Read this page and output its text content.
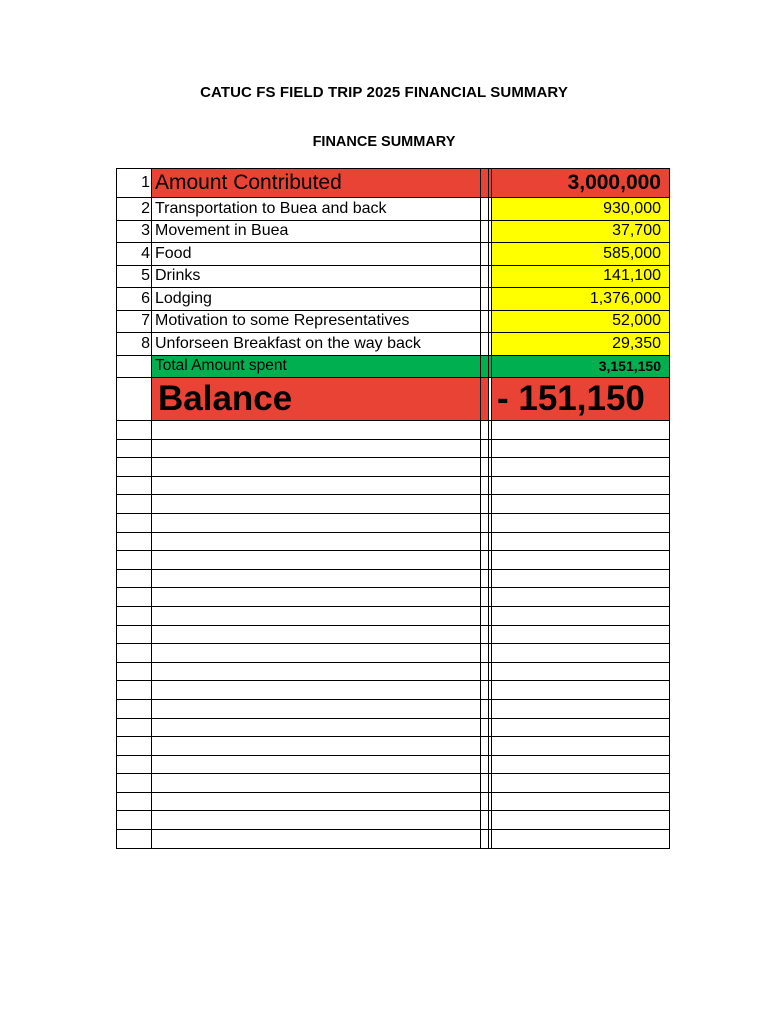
CATUC FS FIELD TRIP 2025 FINANCIAL SUMMARY
FINANCE SUMMARY
1	Amount Contributed			3,000,000
2	Transportation to Buea and back			930,000
3	Movement in Buea			37,700
4	Food			585,000
5	Drinks			141,100
6	Lodging			1,376,000
7	Motivation to some Representatives			52,000
8	Unforseen Breakfast on the way back			29,350
	Total Amount spent			3,151,150
	Balance			- 151,150
